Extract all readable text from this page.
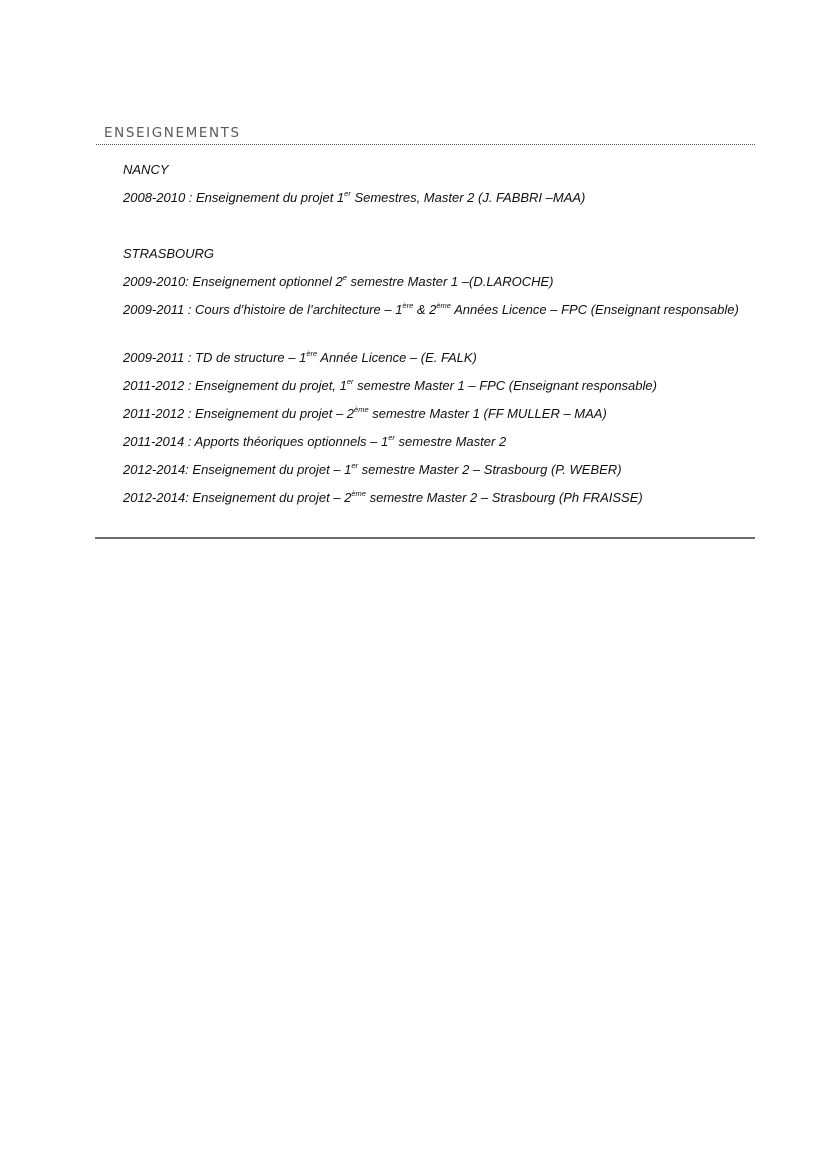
ENSEIGNEMENTS

NANCY

2008-2010 : Enseignement du projet 1er Semestres, Master 2 (J. FABBRI –MAA)

STRASBOURG

2009-2010: Enseignement optionnel 2e semestre Master 1 –(D.LAROCHE)

2009-2011 : Cours d’histoire de l’architecture – 1ère & 2ème Années Licence – FPC (Enseignant responsable)

2009-2011 : TD de structure – 1ère Année Licence – (E. FALK)

2011-2012 : Enseignement du projet, 1er semestre Master 1 – FPC (Enseignant responsable)

2011-2012 : Enseignement du projet – 2ème semestre Master 1 (FF MULLER – MAA)

2011-2014 : Apports théoriques optionnels – 1er semestre Master 2

2012-2014: Enseignement du projet – 1er semestre Master 2 – Strasbourg (P. WEBER)

2012-2014: Enseignement du projet – 2ème semestre Master 2 – Strasbourg (Ph FRAISSE)
